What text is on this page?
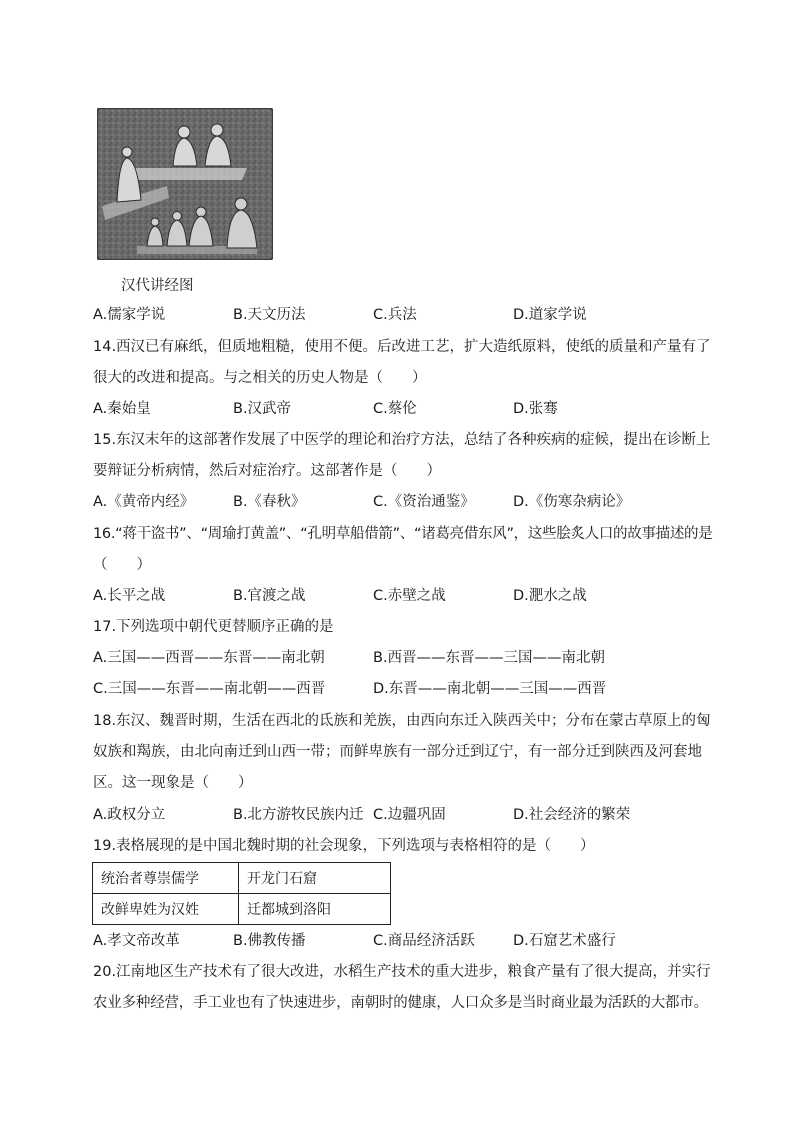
汉代讲经图
A.儒家学说	B.天文历法	C.兵法	D.道家学说
14.西汉已有麻纸，但质地粗糙，使用不便。后改进工艺，扩大造纸原料，使纸的质量和产量有了
很大的改进和提高。与之相关的历史人物是（　　）
A.秦始皇	B.汉武帝	C.蔡伦	D.张骞
15.东汉末年的这部著作发展了中医学的理论和治疗方法，总结了各种疾病的症候，提出在诊断上
要辩证分析病情，然后对症治疗。这部著作是（　　）
A.《黄帝内经》	B.《春秋》	C.《资治通鉴》	D.《伤寒杂病论》
16.“蒋干盗书”、“周瑜打黄盖”、“孔明草船借箭”、“诸葛亮借东风”，这些脍炙人口的故事描述的是
（　　）
A.长平之战	B.官渡之战	C.赤壁之战	D.淝水之战
17.下列选项中朝代更替顺序正确的是
A.三国——西晋——东晋——南北朝	B.西晋——东晋——三国——南北朝
C.三国——东晋——南北朝——西晋	D.东晋——南北朝——三国——西晋
18.东汉、魏晋时期，生活在西北的氐族和羌族，由西向东迁入陕西关中；分布在蒙古草原上的匈
奴族和羯族，由北向南迁到山西一带；而鲜卑族有一部分迁到辽宁，有一部分迁到陕西及河套地
区。这一现象是（　　）
A.政权分立	B.北方游牧民族内迁 C.边疆巩固	D.社会经济的繁荣
19.表格展现的是中国北魏时期的社会现象，下列选项与表格相符的是（　　）
统治者尊崇儒学	开龙门石窟
改鲜卑姓为汉姓	迁都城到洛阳
A.孝文帝改革	B.佛教传播	C.商品经济活跃	D.石窟艺术盛行
20.江南地区生产技术有了很大改进，水稻生产技术的重大进步，粮食产量有了很大提高，并实行
农业多种经营，手工业也有了快速进步，南朝时的健康，人口众多是当时商业最为活跃的大都市。
